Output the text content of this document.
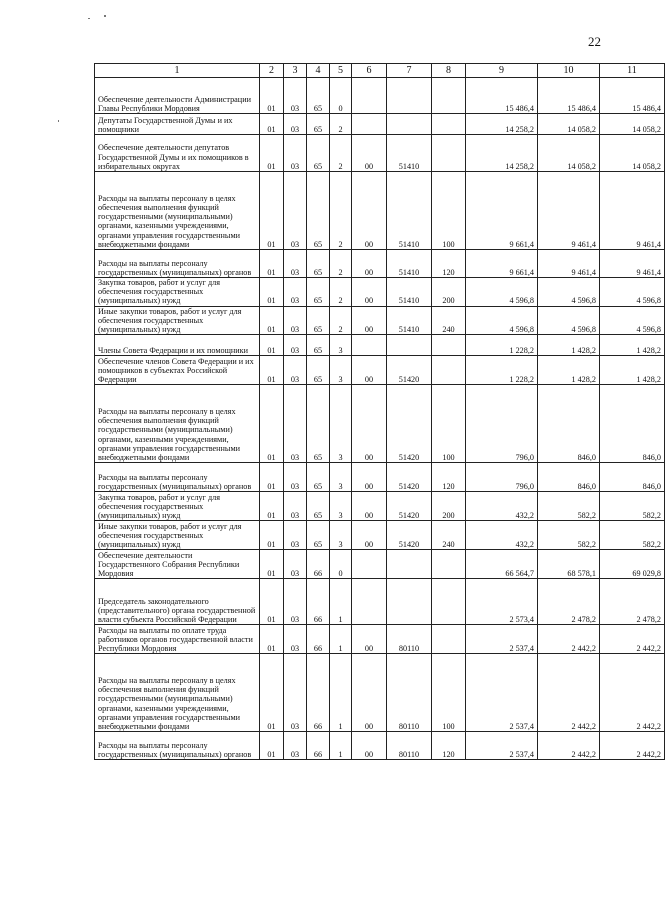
22
1	2	3	4	5	6	7	8	9	10	11
Обеспечение деятельности Администрации Главы Республики Мордовия	01	03	65	0				15 486,4	15 486,4	15 486,4
Депутаты Государственной Думы и их помощники	01	03	65	2				14 258,2	14 058,2	14 058,2
Обеспечение деятельности депутатов Государственной Думы и их помощников в избирательных округах	01	03	65	2	00	51410		14 258,2	14 058,2	14 058,2
Расходы на выплаты персоналу в целях обеспечения выполнения функций государственными (муниципальными) органами, казенными учреждениями, органами управления государственными внебюджетными фондами	01	03	65	2	00	51410	100	9 661,4	9 461,4	9 461,4
Расходы на выплаты персоналу государственных (муниципальных) органов	01	03	65	2	00	51410	120	9 661,4	9 461,4	9 461,4
Закупка товаров, работ и услуг для обеспечения государственных (муниципальных) нужд	01	03	65	2	00	51410	200	4 596,8	4 596,8	4 596,8
Иные закупки товаров, работ и услуг для обеспечения государственных (муниципальных) нужд	01	03	65	2	00	51410	240	4 596,8	4 596,8	4 596,8
Члены Совета Федерации и их помощники	01	03	65	3				1 228,2	1 428,2	1 428,2
Обеспечение членов Совета Федерации и их помощников в субъектах Российской Федерации	01	03	65	3	00	51420		1 228,2	1 428,2	1 428,2
Расходы на выплаты персоналу в целях обеспечения выполнения функций государственными (муниципальными) органами, казенными учреждениями, органами управления государственными внебюджетными фондами	01	03	65	3	00	51420	100	796,0	846,0	846,0
Расходы на выплаты персоналу государственных (муниципальных) органов	01	03	65	3	00	51420	120	796,0	846,0	846,0
Закупка товаров, работ и услуг для обеспечения государственных (муниципальных) нужд	01	03	65	3	00	51420	200	432,2	582,2	582,2
Иные закупки товаров, работ и услуг для обеспечения государственных (муниципальных) нужд	01	03	65	3	00	51420	240	432,2	582,2	582,2
Обеспечение деятельности Государственного Собрания Республики Мордовия	01	03	66	0				66 564,7	68 578,1	69 029,8
Председатель законодательного (представительного) органа государственной власти субъекта Российской Федерации	01	03	66	1				2 573,4	2 478,2	2 478,2
Расходы на выплаты по оплате труда работников органов государственной власти Республики Мордовия	01	03	66	1	00	80110		2 537,4	2 442,2	2 442,2
Расходы на выплаты персоналу в целях обеспечения выполнения функций государственными (муниципальными) органами, казенными учреждениями, органами управления государственными внебюджетными фондами	01	03	66	1	00	80110	100	2 537,4	2 442,2	2 442,2
Расходы на выплаты персоналу государственных (муниципальных) органов	01	03	66	1	00	80110	120	2 537,4	2 442,2	2 442,2
